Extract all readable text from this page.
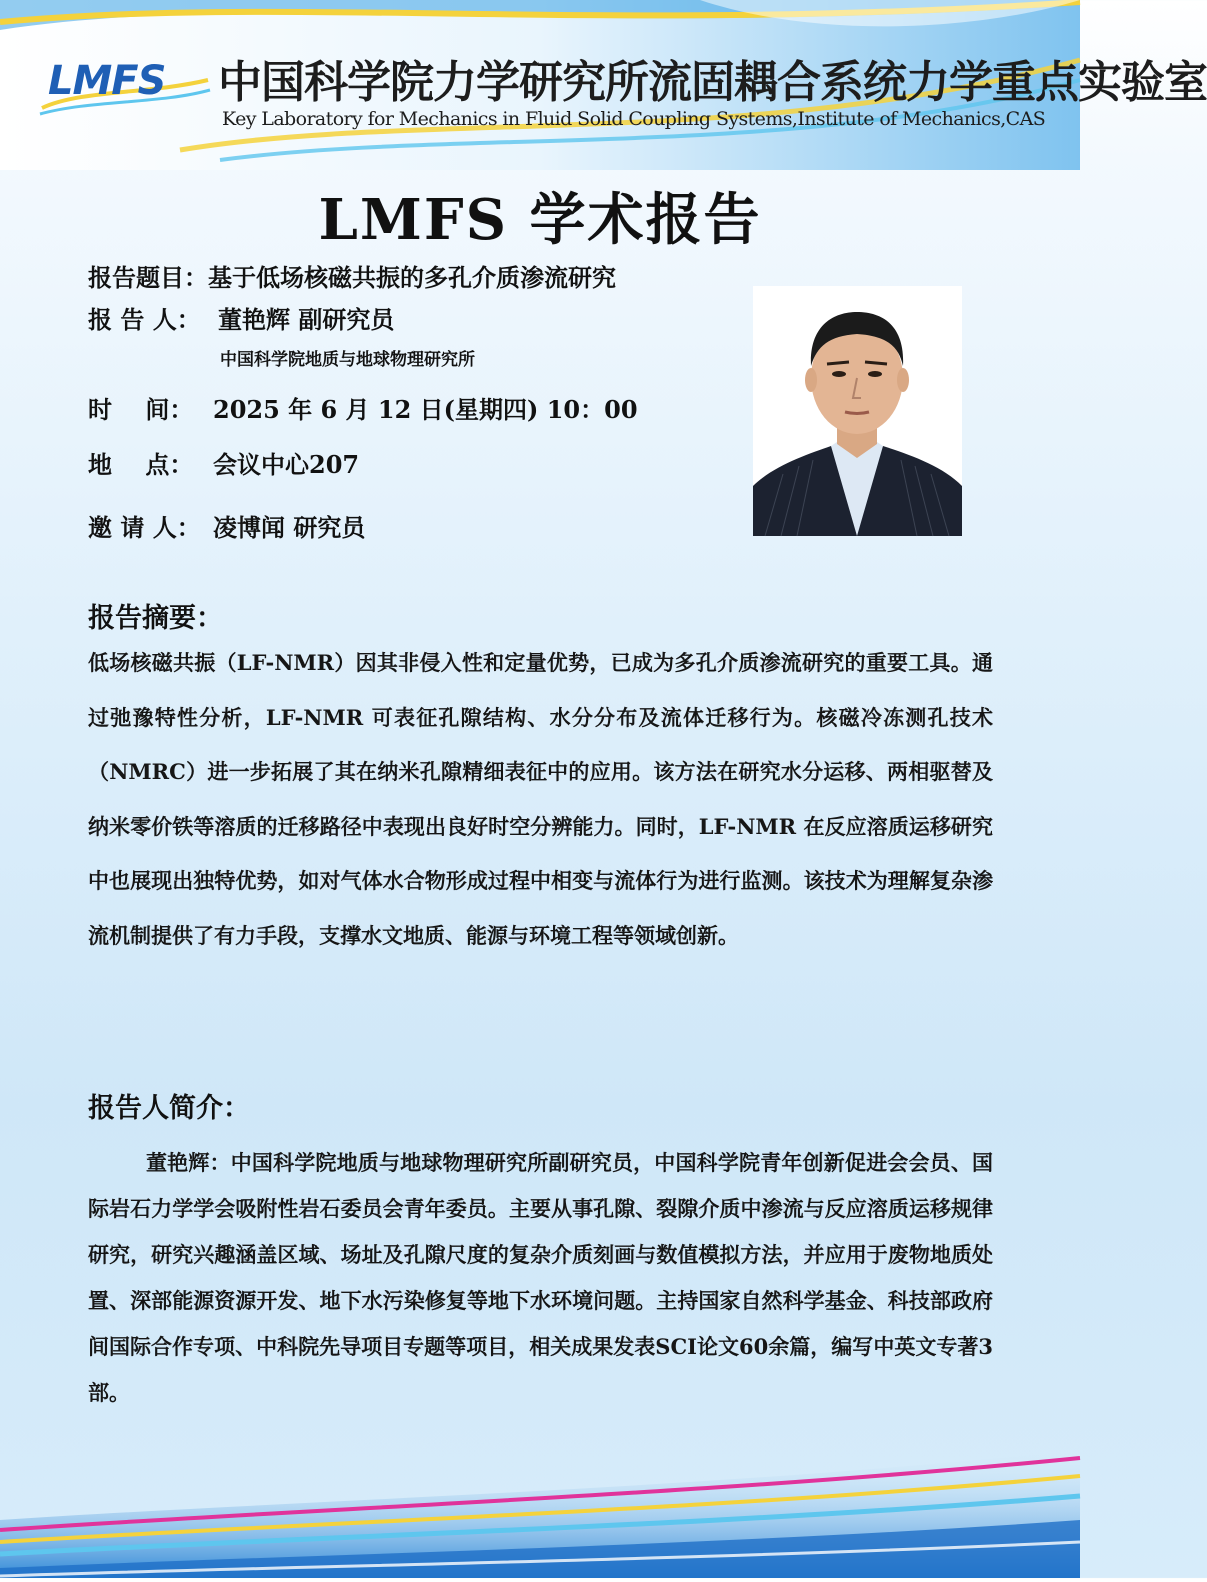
LMFS 中国科学院力学研究所流固耦合系统力学重点实验室
Key Laboratory for Mechanics in Fluid Solid Coupling Systems,Institute of Mechanics,CAS
LMFS 学术报告
报告题目：基于低场核磁共振的多孔介质渗流研究
报 告 人： 董艳辉 副研究员
中国科学院地质与地球物理研究所
时    间： 2025 年 6 月 12 日(星期四) 10：00
地    点： 会议中心207
邀 请 人： 凌博闻 研究员
报告摘要：
低场核磁共振（LF-NMR）因其非侵入性和定量优势，已成为多孔介质渗流研究的重要工具。通过弛豫特性分析，LF-NMR 可表征孔隙结构、水分分布及流体迁移行为。核磁冷冻测孔技术（NMRC）进一步拓展了其在纳米孔隙精细表征中的应用。该方法在研究水分运移、两相驱替及纳米零价铁等溶质的迁移路径中表现出良好时空分辨能力。同时，LF-NMR 在反应溶质运移研究中也展现出独特优势，如对气体水合物形成过程中相变与流体行为进行监测。该技术为理解复杂渗流机制提供了有力手段，支撑水文地质、能源与环境工程等领域创新。
报告人简介：
董艳辉：中国科学院地质与地球物理研究所副研究员，中国科学院青年创新促进会会员、国际岩石力学学会吸附性岩石委员会青年委员。主要从事孔隙、裂隙介质中渗流与反应溶质运移规律研究，研究兴趣涵盖区域、场址及孔隙尺度的复杂介质刻画与数值模拟方法，并应用于废物地质处置、深部能源资源开发、地下水污染修复等地下水环境问题。主持国家自然科学基金、科技部政府间国际合作专项、中科院先导项目专题等项目，相关成果发表SCI论文60余篇，编写中英文专著3部。
